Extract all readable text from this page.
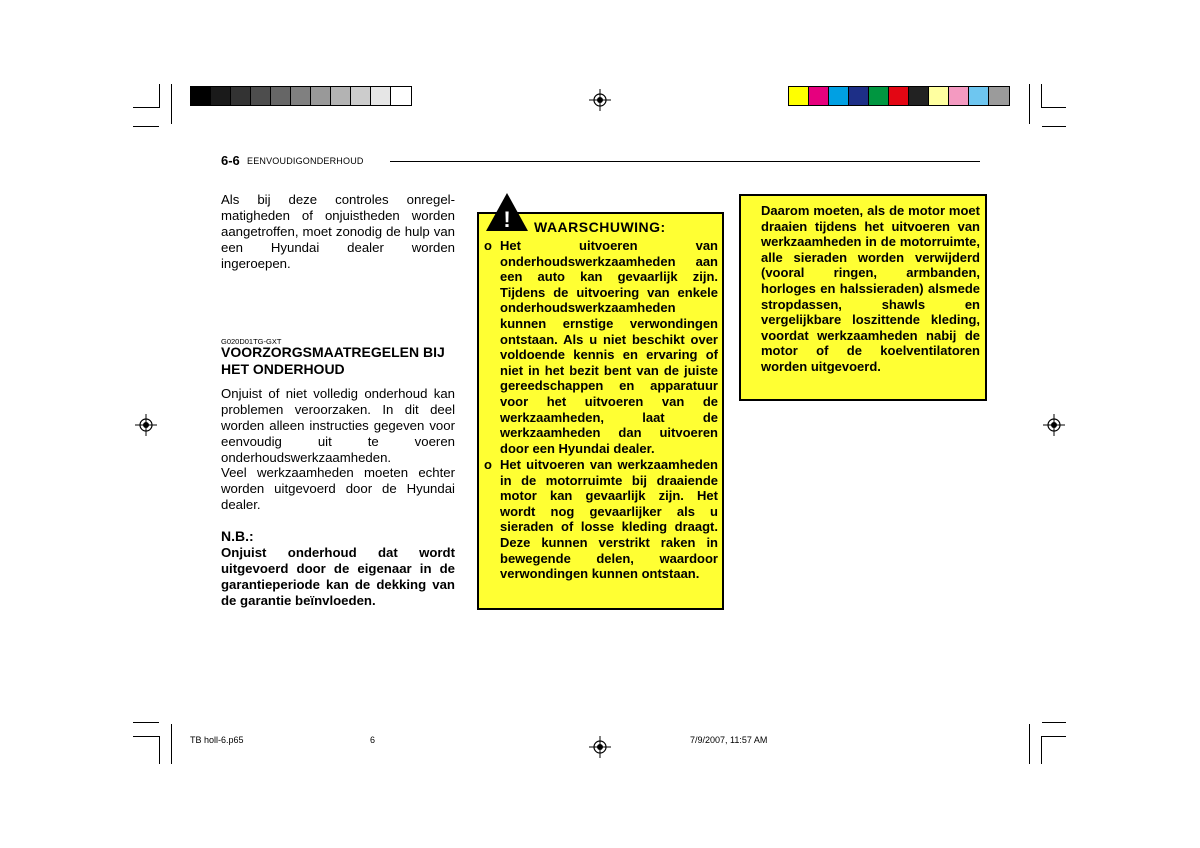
6-6 EENVOUDIGONDERHOUD
Als bij deze controles onregel-matigheden of onjuistheden worden aangetroffen, moet zonodig de hulp van een Hyundai dealer worden ingeroepen.
G020D01TG-GXT
VOORZORGSMAATREGELEN BIJ HET ONDERHOUD
Onjuist of niet volledig onderhoud kan problemen veroorzaken. In dit deel worden alleen instructies gegeven voor eenvoudig uit te voeren onderhoudswerkzaamheden.
Veel werkzaamheden moeten echter worden uitgevoerd door de Hyundai dealer.
N.B.:
Onjuist onderhoud dat wordt uitgevoerd door de eigenaar in de garantieperiode kan de dekking van de garantie beïnvloeden.
! WAARSCHUWING:
o Het uitvoeren van onderhoudswerkzaamheden aan een auto kan gevaarlijk zijn. Tijdens de uitvoering van enkele onderhoudswerkzaamheden kunnen ernstige verwondingen ontstaan. Als u niet beschikt over voldoende kennis en ervaring of niet in het bezit bent van de juiste gereedschappen en apparatuur voor het uitvoeren van de werkzaamheden, laat de werkzaamheden dan uitvoeren door een Hyundai dealer.
o Het uitvoeren van werkzaamheden in de motorruimte bij draaiende motor kan gevaarlijk zijn. Het wordt nog gevaarlijker als u sieraden of losse kleding draagt. Deze kunnen verstrikt raken in bewegende delen, waardoor verwondingen kunnen ontstaan.
Daarom moeten, als de motor moet draaien tijdens het uitvoeren van werkzaamheden in de motorruimte, alle sieraden worden verwijderd (vooral ringen, armbanden, horloges en halssieraden) alsmede stropdassen, shawls en vergelijkbare loszittende kleding, voordat werkzaamheden nabij de motor of de koelventilatoren worden uitgevoerd.
TB holl-6.p65	6	7/9/2007, 11:57 AM
